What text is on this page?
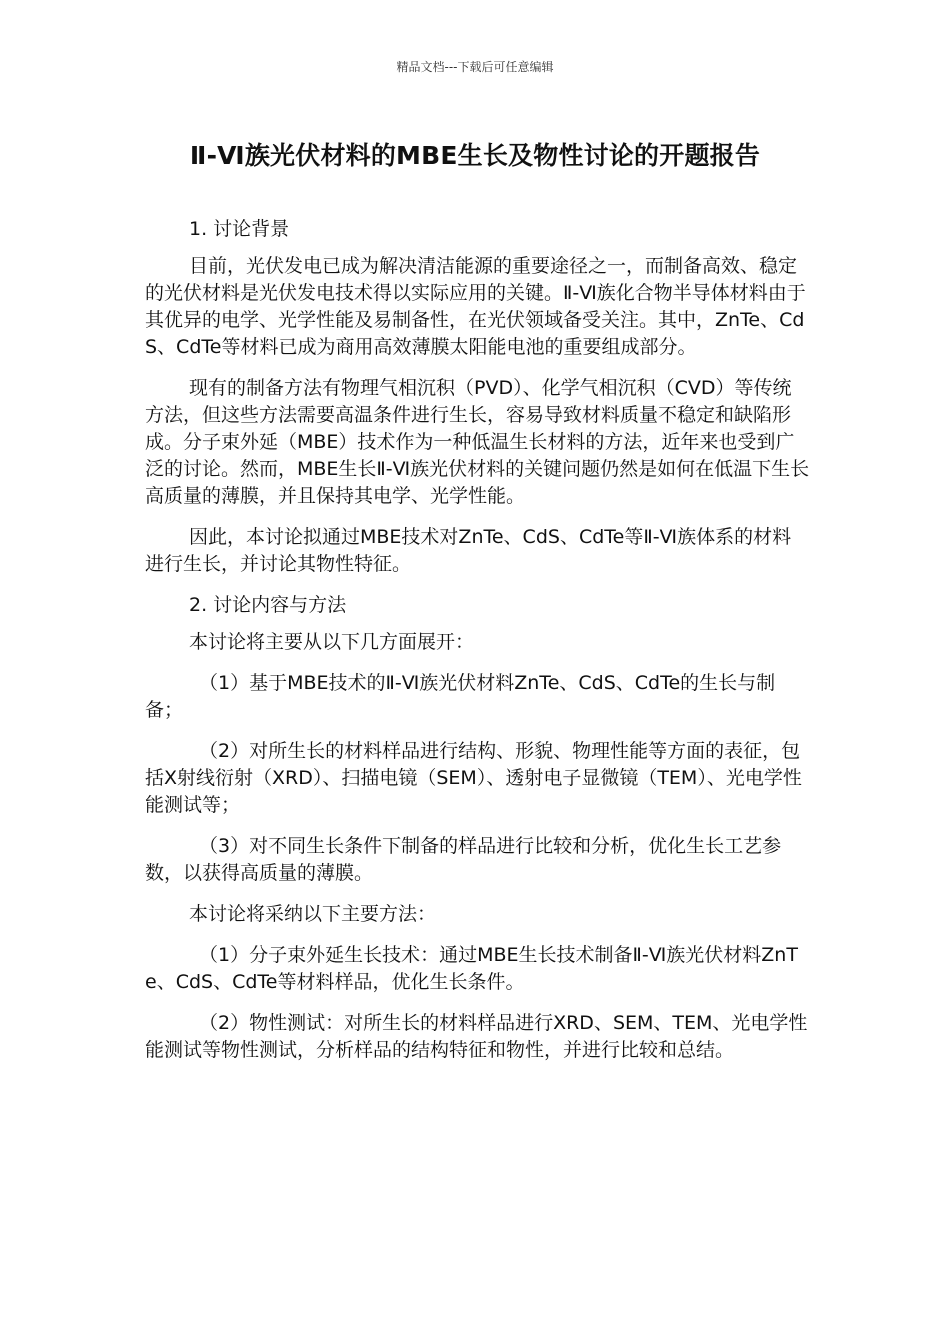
精品文档---下载后可任意编辑
Ⅱ-Ⅵ族光伏材料的MBE生长及物性讨论的开题报告

1. 讨论背景

目前，光伏发电已成为解决清洁能源的重要途径之一，而制备高效、稳定的光伏材料是光伏发电技术得以实际应用的关键。Ⅱ-Ⅵ族化合物半导体材料由于其优异的电学、光学性能及易制备性，在光伏领域备受关注。其中，ZnTe、CdS、CdTe等材料已成为商用高效薄膜太阳能电池的重要组成部分。

现有的制备方法有物理气相沉积（PVD）、化学气相沉积（CVD）等传统方法，但这些方法需要高温条件进行生长，容易导致材料质量不稳定和缺陷形成。分子束外延（MBE）技术作为一种低温生长材料的方法，近年来也受到广泛的讨论。然而，MBE生长Ⅱ-Ⅵ族光伏材料的关键问题仍然是如何在低温下生长高质量的薄膜，并且保持其电学、光学性能。

因此，本讨论拟通过MBE技术对ZnTe、CdS、CdTe等Ⅱ-Ⅵ族体系的材料进行生长，并讨论其物性特征。

2. 讨论内容与方法

本讨论将主要从以下几方面展开：

（1）基于MBE技术的Ⅱ-Ⅵ族光伏材料ZnTe、CdS、CdTe的生长与制备；

（2）对所生长的材料样品进行结构、形貌、物理性能等方面的表征，包括X射线衍射（XRD）、扫描电镜（SEM）、透射电子显微镜（TEM）、光电学性能测试等；

（3）对不同生长条件下制备的样品进行比较和分析，优化生长工艺参数，以获得高质量的薄膜。

本讨论将采纳以下主要方法：

（1）分子束外延生长技术：通过MBE生长技术制备Ⅱ-Ⅵ族光伏材料ZnTe、CdS、CdTe等材料样品，优化生长条件。

（2）物性测试：对所生长的材料样品进行XRD、SEM、TEM、光电学性能测试等物性测试，分析样品的结构特征和物性，并进行比较和总结。
